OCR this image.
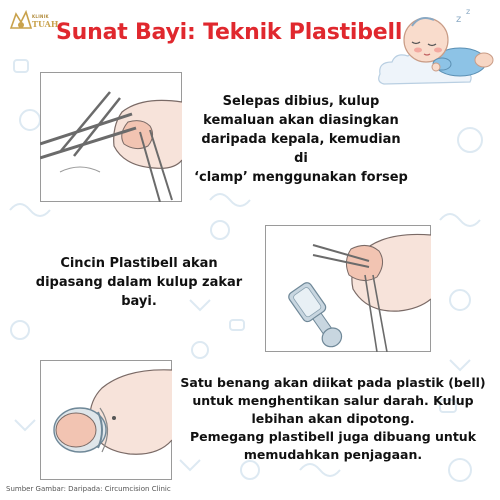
KLINIK
TUAH
Sunat Bayi: Teknik Plastibell
z
z
Selepas dibius, kulup
kemaluan akan diasingkan
daripada kepala, kemudian di
‘clamp’ menggunakan forsep
Cincin Plastibell akan
dipasang dalam kulup zakar
bayi.
Satu benang akan diikat pada plastik (bell)
untuk menghentikan salur darah. Kulup
lebihan akan dipotong.
Pemegang plastibell juga dibuang untuk
memudahkan penjagaan.
Sumber Gambar: Daripada: Circumcision Clinic
